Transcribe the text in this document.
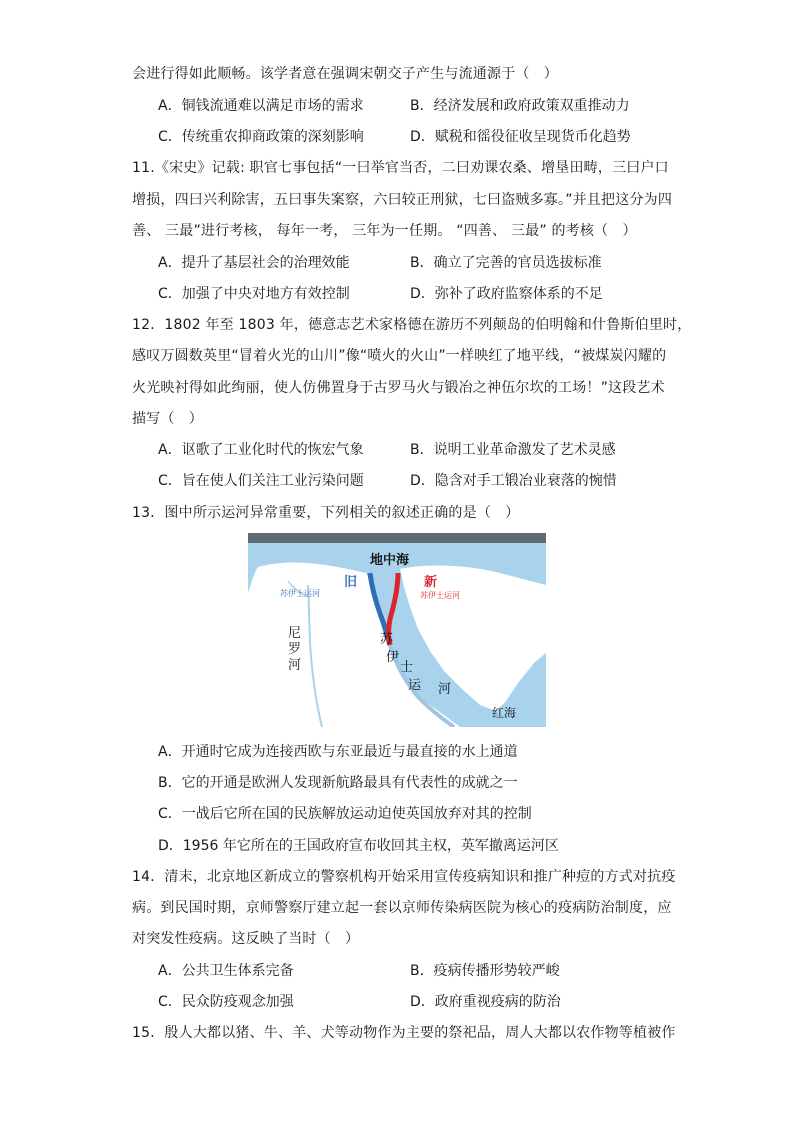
会进行得如此顺畅。该学者意在强调宋朝交子产生与流通源于（　）
A．铜钱流通难以满足市场的需求	B．经济发展和政府政策双重推动力
C．传统重农抑商政策的深刻影响	D．赋税和徭役征收呈现货币化趋势
11.《宋史》记载: 职官七事包括“一曰举官当否，二曰劝课农桑、增垦田畴，三曰户口
增损，四曰兴利除害，五曰事失案察，六曰较正刑狱，七曰盗贼多寡。”并且把这分为四
善、 三最”进行考核， 每年一考， 三年为一任期。 “四善、 三最” 的考核（　）
A．提升了基层社会的治理效能	B．确立了完善的官员选拔标准
C．加强了中央对地方有效控制	D．弥补了政府监察体系的不足
12．1802 年至 1803 年，德意志艺术家格德在游历不列颠岛的伯明翰和什鲁斯伯里时，
感叹万圆数英里“冒着火光的山川”像“喷火的火山”一样映红了地平线，“被煤炭闪耀的
火光映衬得如此绚丽，使人仿佛置身于古罗马火与锻冶之神伍尔坎的工场！”这段艺术
描写（　）
A．讴歌了工业化时代的恢宏气象	B．说明工业革命激发了艺术灵感
C．旨在使人们关注工业污染问题	D．隐含对手工锻冶业衰落的惋惜
13．图中所示运河异常重要，下列相关的叙述正确的是（　）
地中海
旧
苏伊士运河
新
苏伊士运河
尼
罗
河
苏
伊
士
运 河
红海
A．开通时它成为连接西欧与东亚最近与最直接的水上通道
B．它的开通是欧洲人发现新航路最具有代表性的成就之一
C．一战后它所在国的民族解放运动迫使英国放弃对其的控制
D．1956 年它所在的王国政府宣布收回其主权，英军撤离运河区
14．清末，北京地区新成立的警察机构开始采用宣传疫病知识和推广种痘的方式对抗疫
病。到民国时期，京师警察厅建立起一套以京师传染病医院为核心的疫病防治制度，应
对突发性疫病。这反映了当时（　）
A．公共卫生体系完备	B．疫病传播形势较严峻
C．民众防疫观念加强	D．政府重视疫病的防治
15．殷人大都以猪、牛、羊、犬等动物作为主要的祭祀品，周人大都以农作物等植被作
